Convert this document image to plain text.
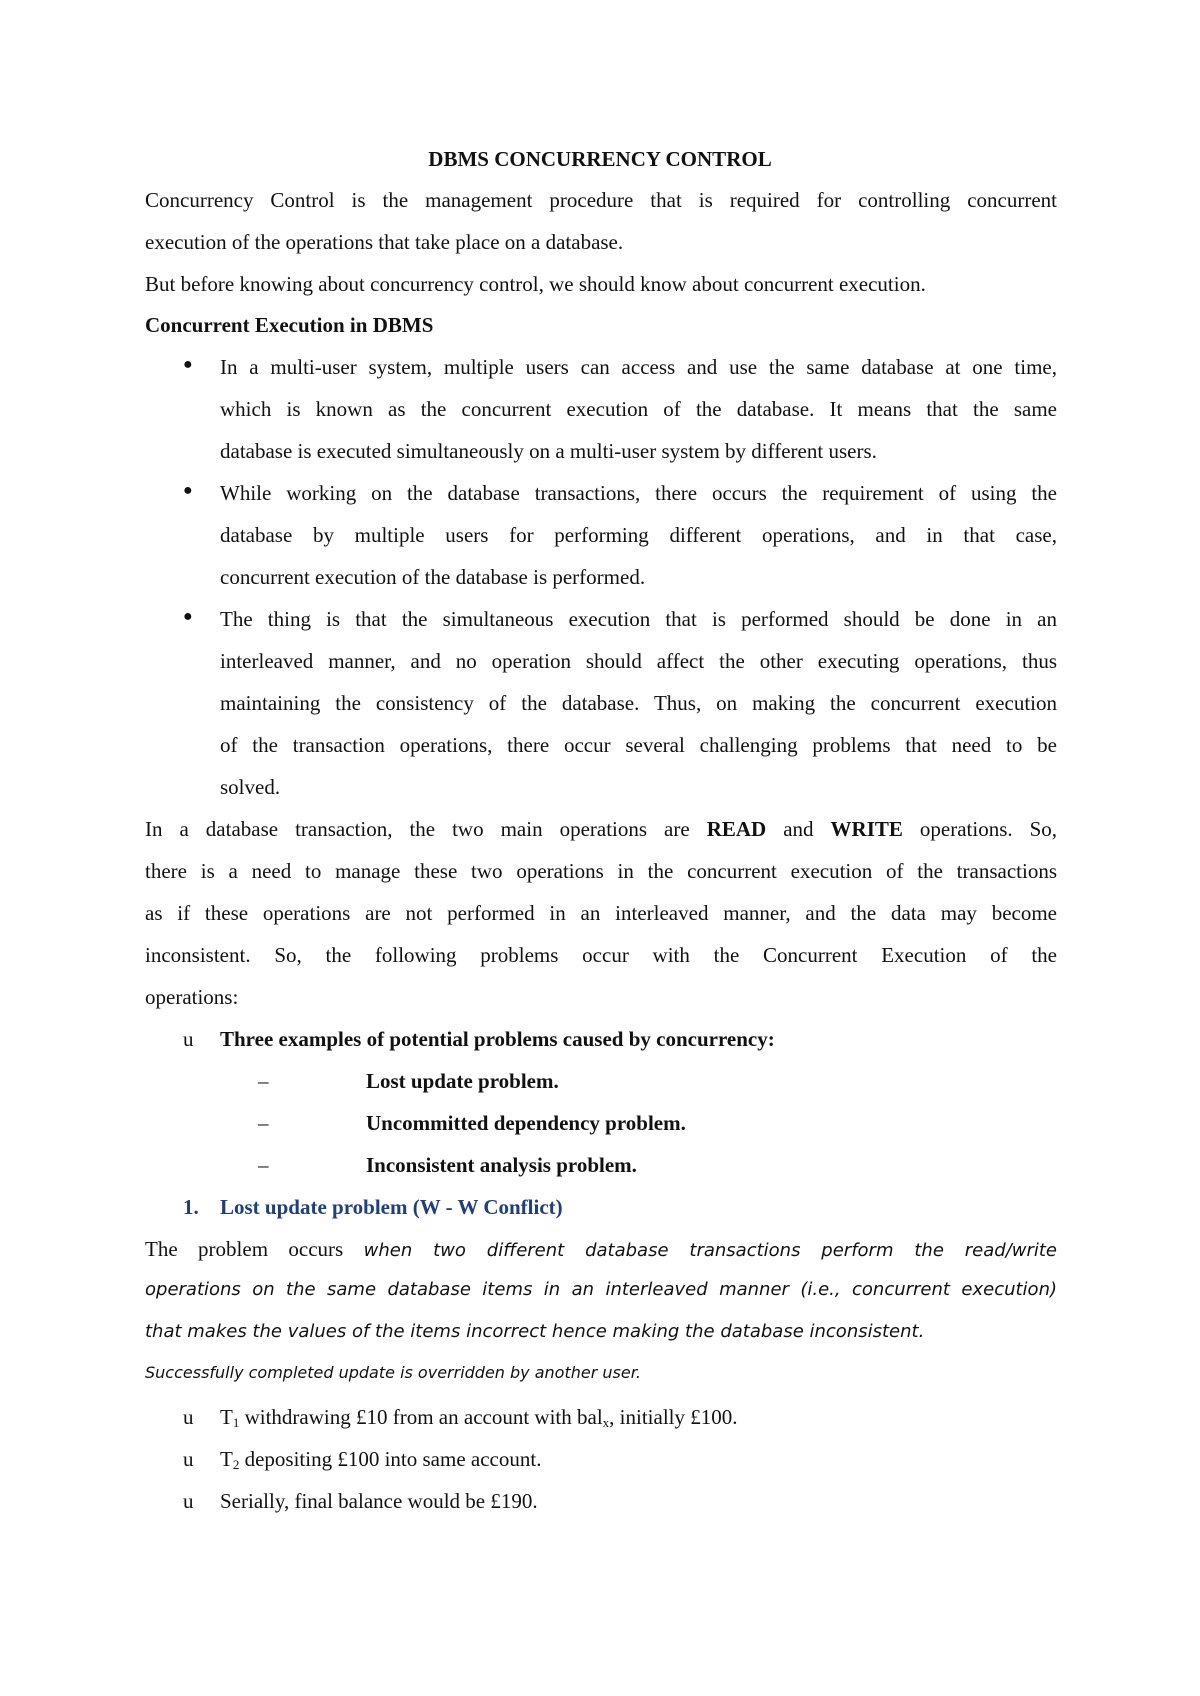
DBMS CONCURRENCY CONTROL
Concurrency Control is the management procedure that is required for controlling concurrent
execution of the operations that take place on a database.
But before knowing about concurrency control, we should know about concurrent execution.
Concurrent Execution in DBMS
● In a multi-user system, multiple users can access and use the same database at one time,
which is known as the concurrent execution of the database. It means that the same
database is executed simultaneously on a multi-user system by different users.
● While working on the database transactions, there occurs the requirement of using the
database by multiple users for performing different operations, and in that case,
concurrent execution of the database is performed.
● The thing is that the simultaneous execution that is performed should be done in an
interleaved manner, and no operation should affect the other executing operations, thus
maintaining the consistency of the database. Thus, on making the concurrent execution
of the transaction operations, there occur several challenging problems that need to be
solved.
In a database transaction, the two main operations are READ and WRITE operations. So,
there is a need to manage these two operations in the concurrent execution of the transactions
as if these operations are not performed in an interleaved manner, and the data may become
inconsistent. So, the following problems occur with the Concurrent Execution of the
operations:
u Three examples of potential problems caused by concurrency:
–	Lost update problem.
–	Uncommitted dependency problem.
–	Inconsistent analysis problem.
1. Lost update problem (W - W Conflict)
The problem occurs when two different database transactions perform the read/write
operations on the same database items in an interleaved manner (i.e., concurrent execution)
that makes the values of the items incorrect hence making the database inconsistent.
Successfully completed update is overridden by another user.
u $T_1$ withdrawing £10 from an account with bal$_x$, initially £100.
u $T_2$ depositing £100 into same account.
u Serially, final balance would be £190.
